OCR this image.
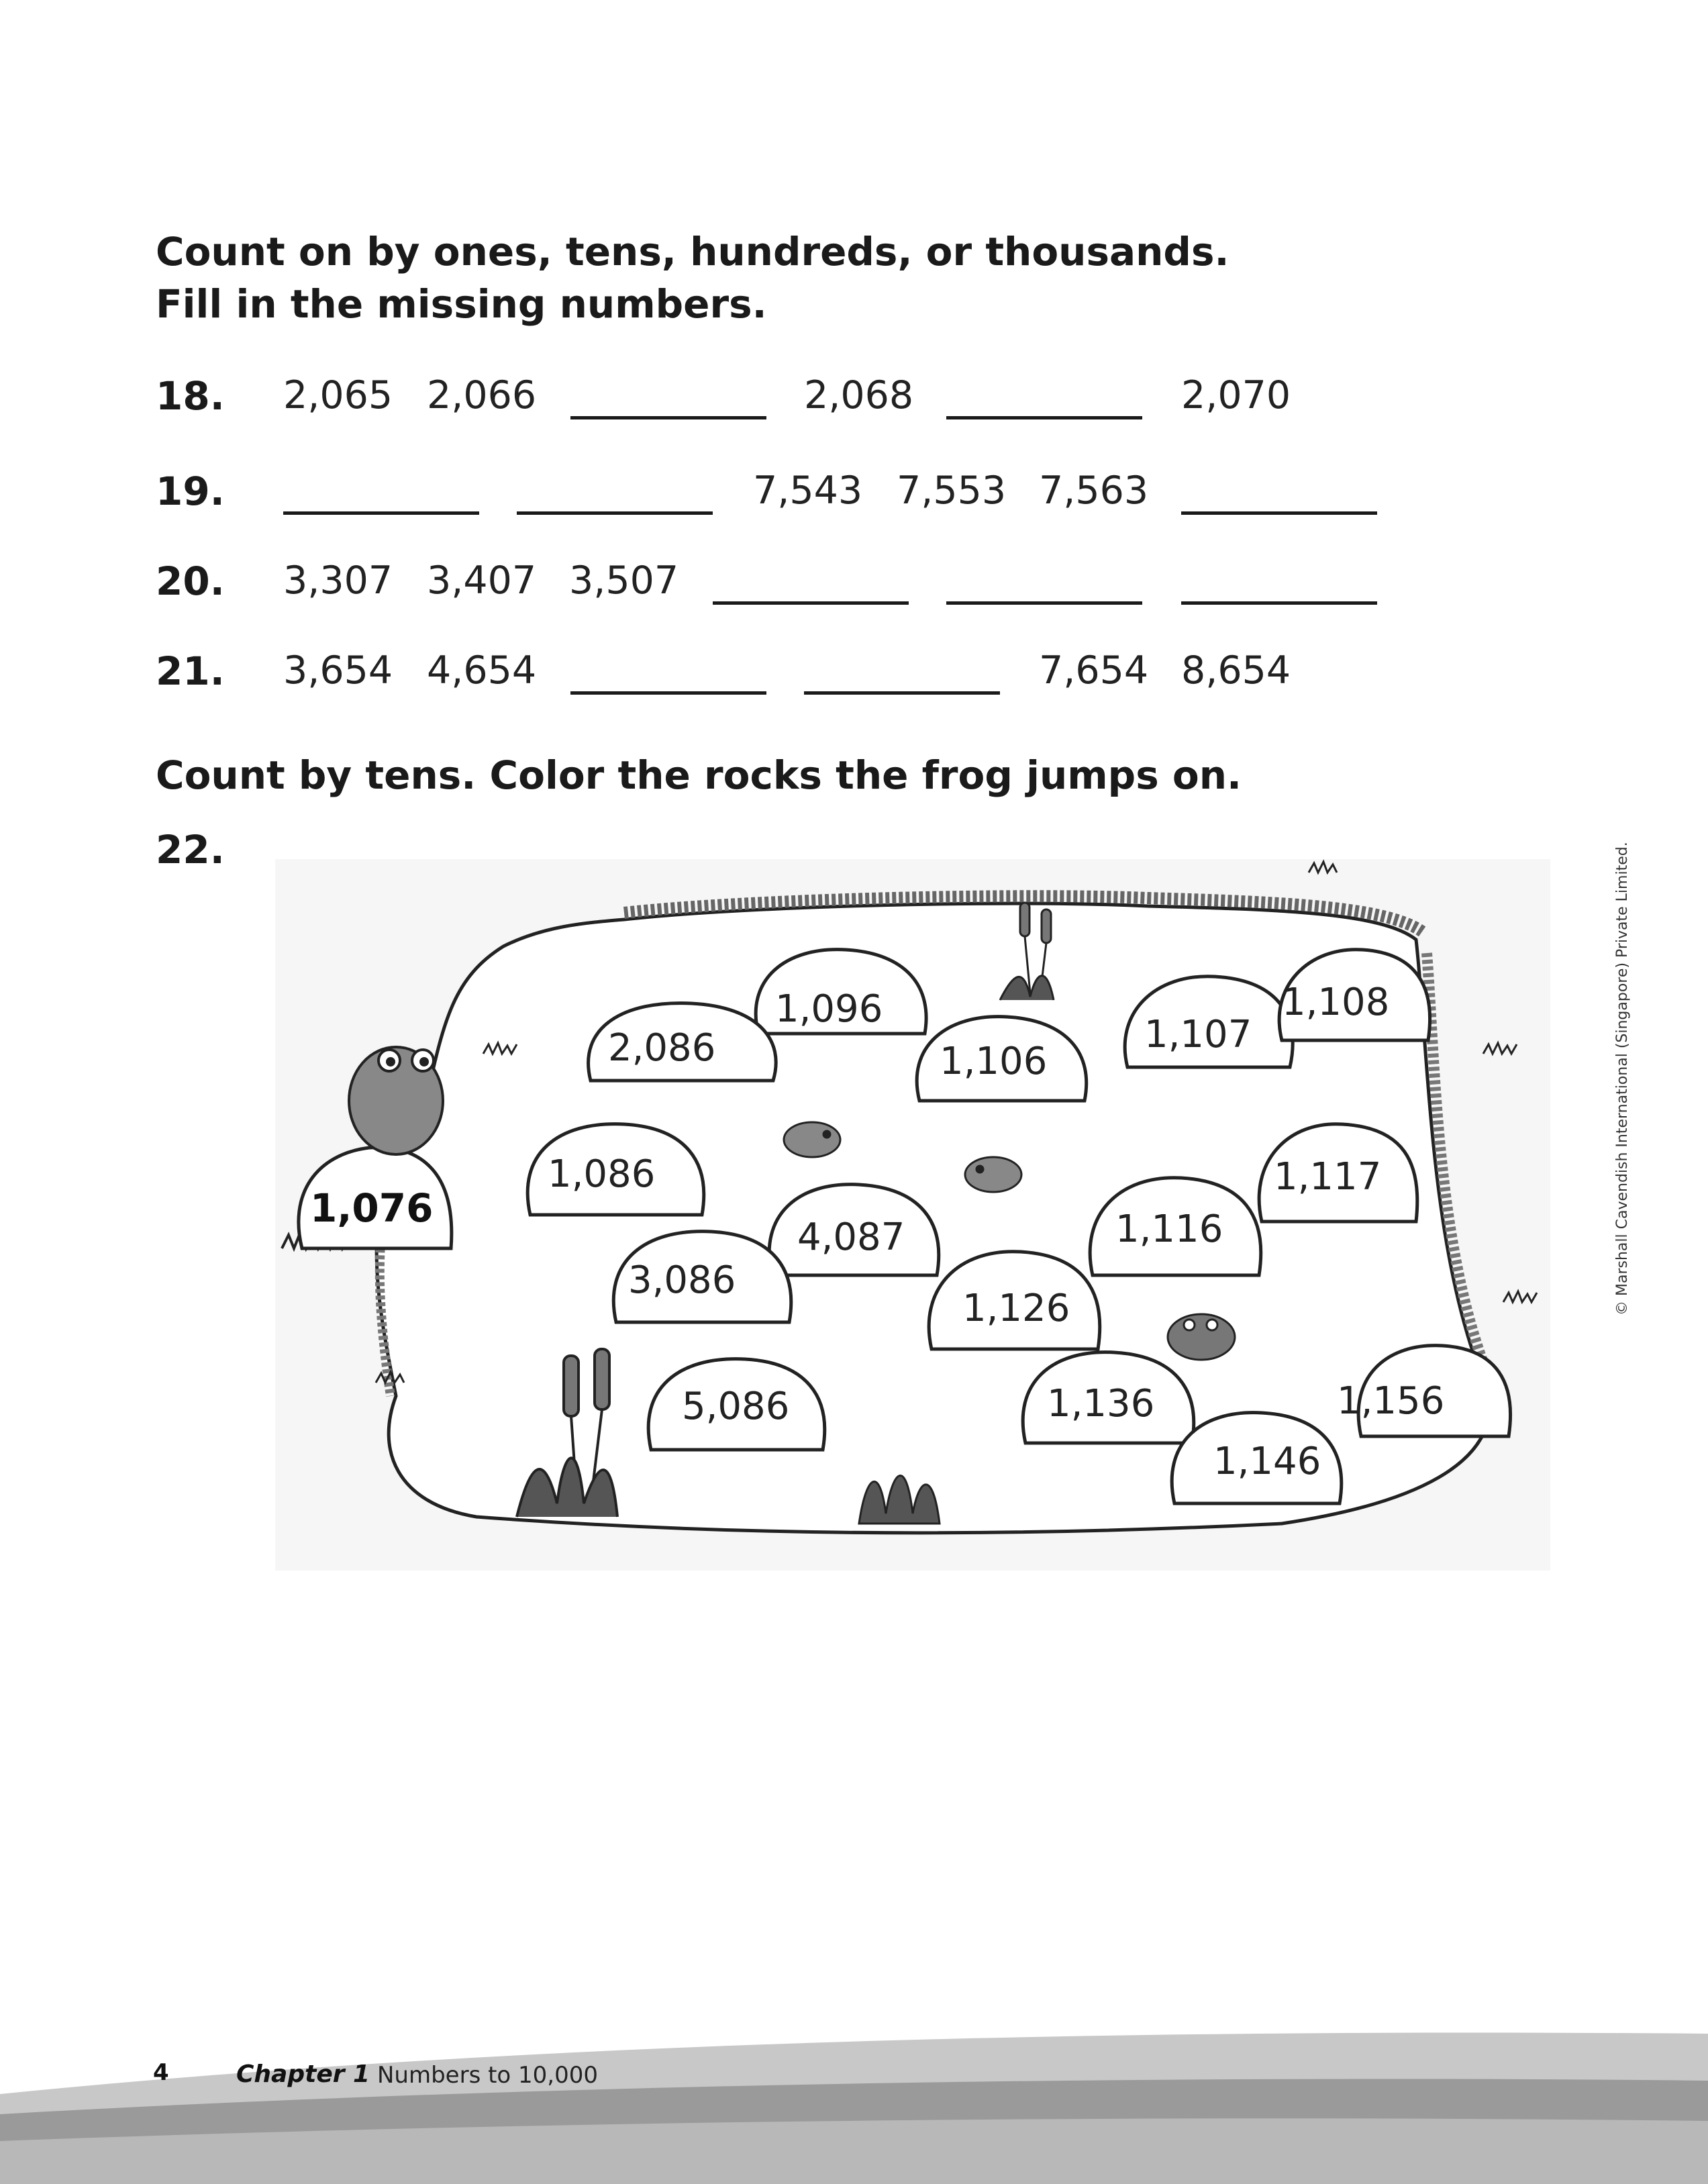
Count on by ones, tens, hundreds, or thousands.
Fill in the missing numbers.
18. 2,065 2,066	2,068	2,070
19.	7,543 7,553 7,563
20. 3,307 3,407 3,507
21. 3,654 4,654	7,654 8,654
Count by tens. Color the rocks the frog jumps on.
22.
1,076
1,096
2,086	1,106
1,107
1,108
1,086
4,087
1,117
1,116
3,086
1,126
5,086	1,136	1,156
1,146
© Marshall Cavendish International (Singapore) Private Limited.
4	Chapter 1 Numbers to 10,000
